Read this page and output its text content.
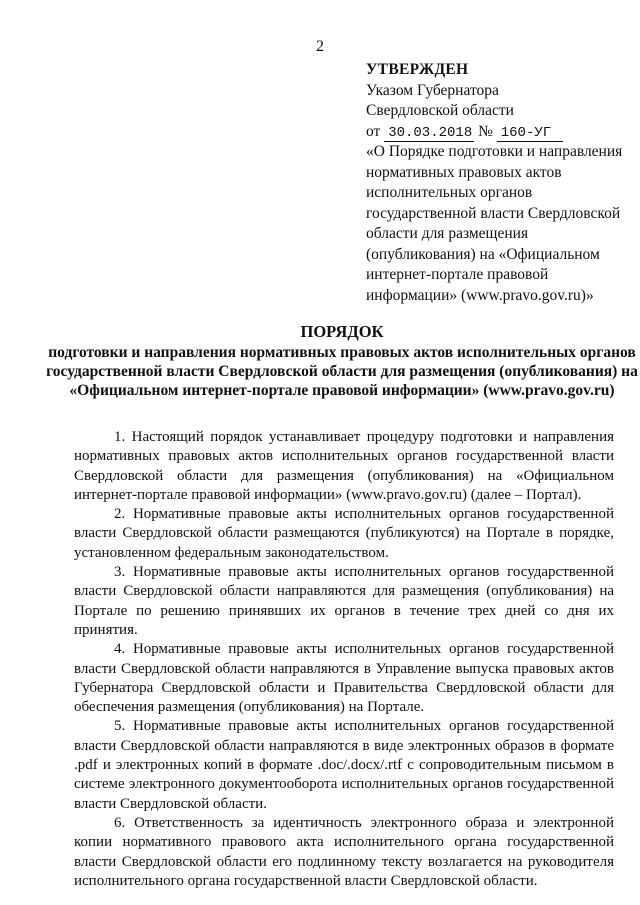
2
УТВЕРЖДЕН
Указом Губернатора
Свердловской области
от 30.03.2018 № 160-УГ
«О Порядке подготовки и направления нормативных правовых актов исполнительных органов государственной власти Свердловской области для размещения (опубликования) на «Официальном интернет-портале правовой информации» (www.pravo.gov.ru)»
ПОРЯДОК
подготовки и направления нормативных правовых актов исполнительных органов государственной власти Свердловской области для размещения (опубликования) на «Официальном интернет-портале правовой информации» (www.pravo.gov.ru)

1. Настоящий порядок устанавливает процедуру подготовки и направления нормативных правовых актов исполнительных органов государственной власти Свердловской области для размещения (опубликования) на «Официальном интернет-портале правовой информации» (www.pravo.gov.ru) (далее – Портал).

2. Нормативные правовые акты исполнительных органов государственной власти Свердловской области размещаются (публикуются) на Портале в порядке, установленном федеральным законодательством.

3. Нормативные правовые акты исполнительных органов государственной власти Свердловской области направляются для размещения (опубликования) на Портале по решению принявших их органов в течение трех дней со дня их принятия.

4. Нормативные правовые акты исполнительных органов государственной власти Свердловской области направляются в Управление выпуска правовых актов Губернатора Свердловской области и Правительства Свердловской области для обеспечения размещения (опубликования) на Портале.

5. Нормативные правовые акты исполнительных органов государственной власти Свердловской области направляются в виде электронных образов в формате .pdf и электронных копий в формате .doc/.docx/.rtf с сопроводительным письмом в системе электронного документооборота исполнительных органов государственной власти Свердловской области.

6. Ответственность за идентичность электронного образа и электронной копии нормативного правового акта исполнительного органа государственной власти Свердловской области его подлинному тексту возлагается на руководителя исполнительного органа государственной власти Свердловской области.
